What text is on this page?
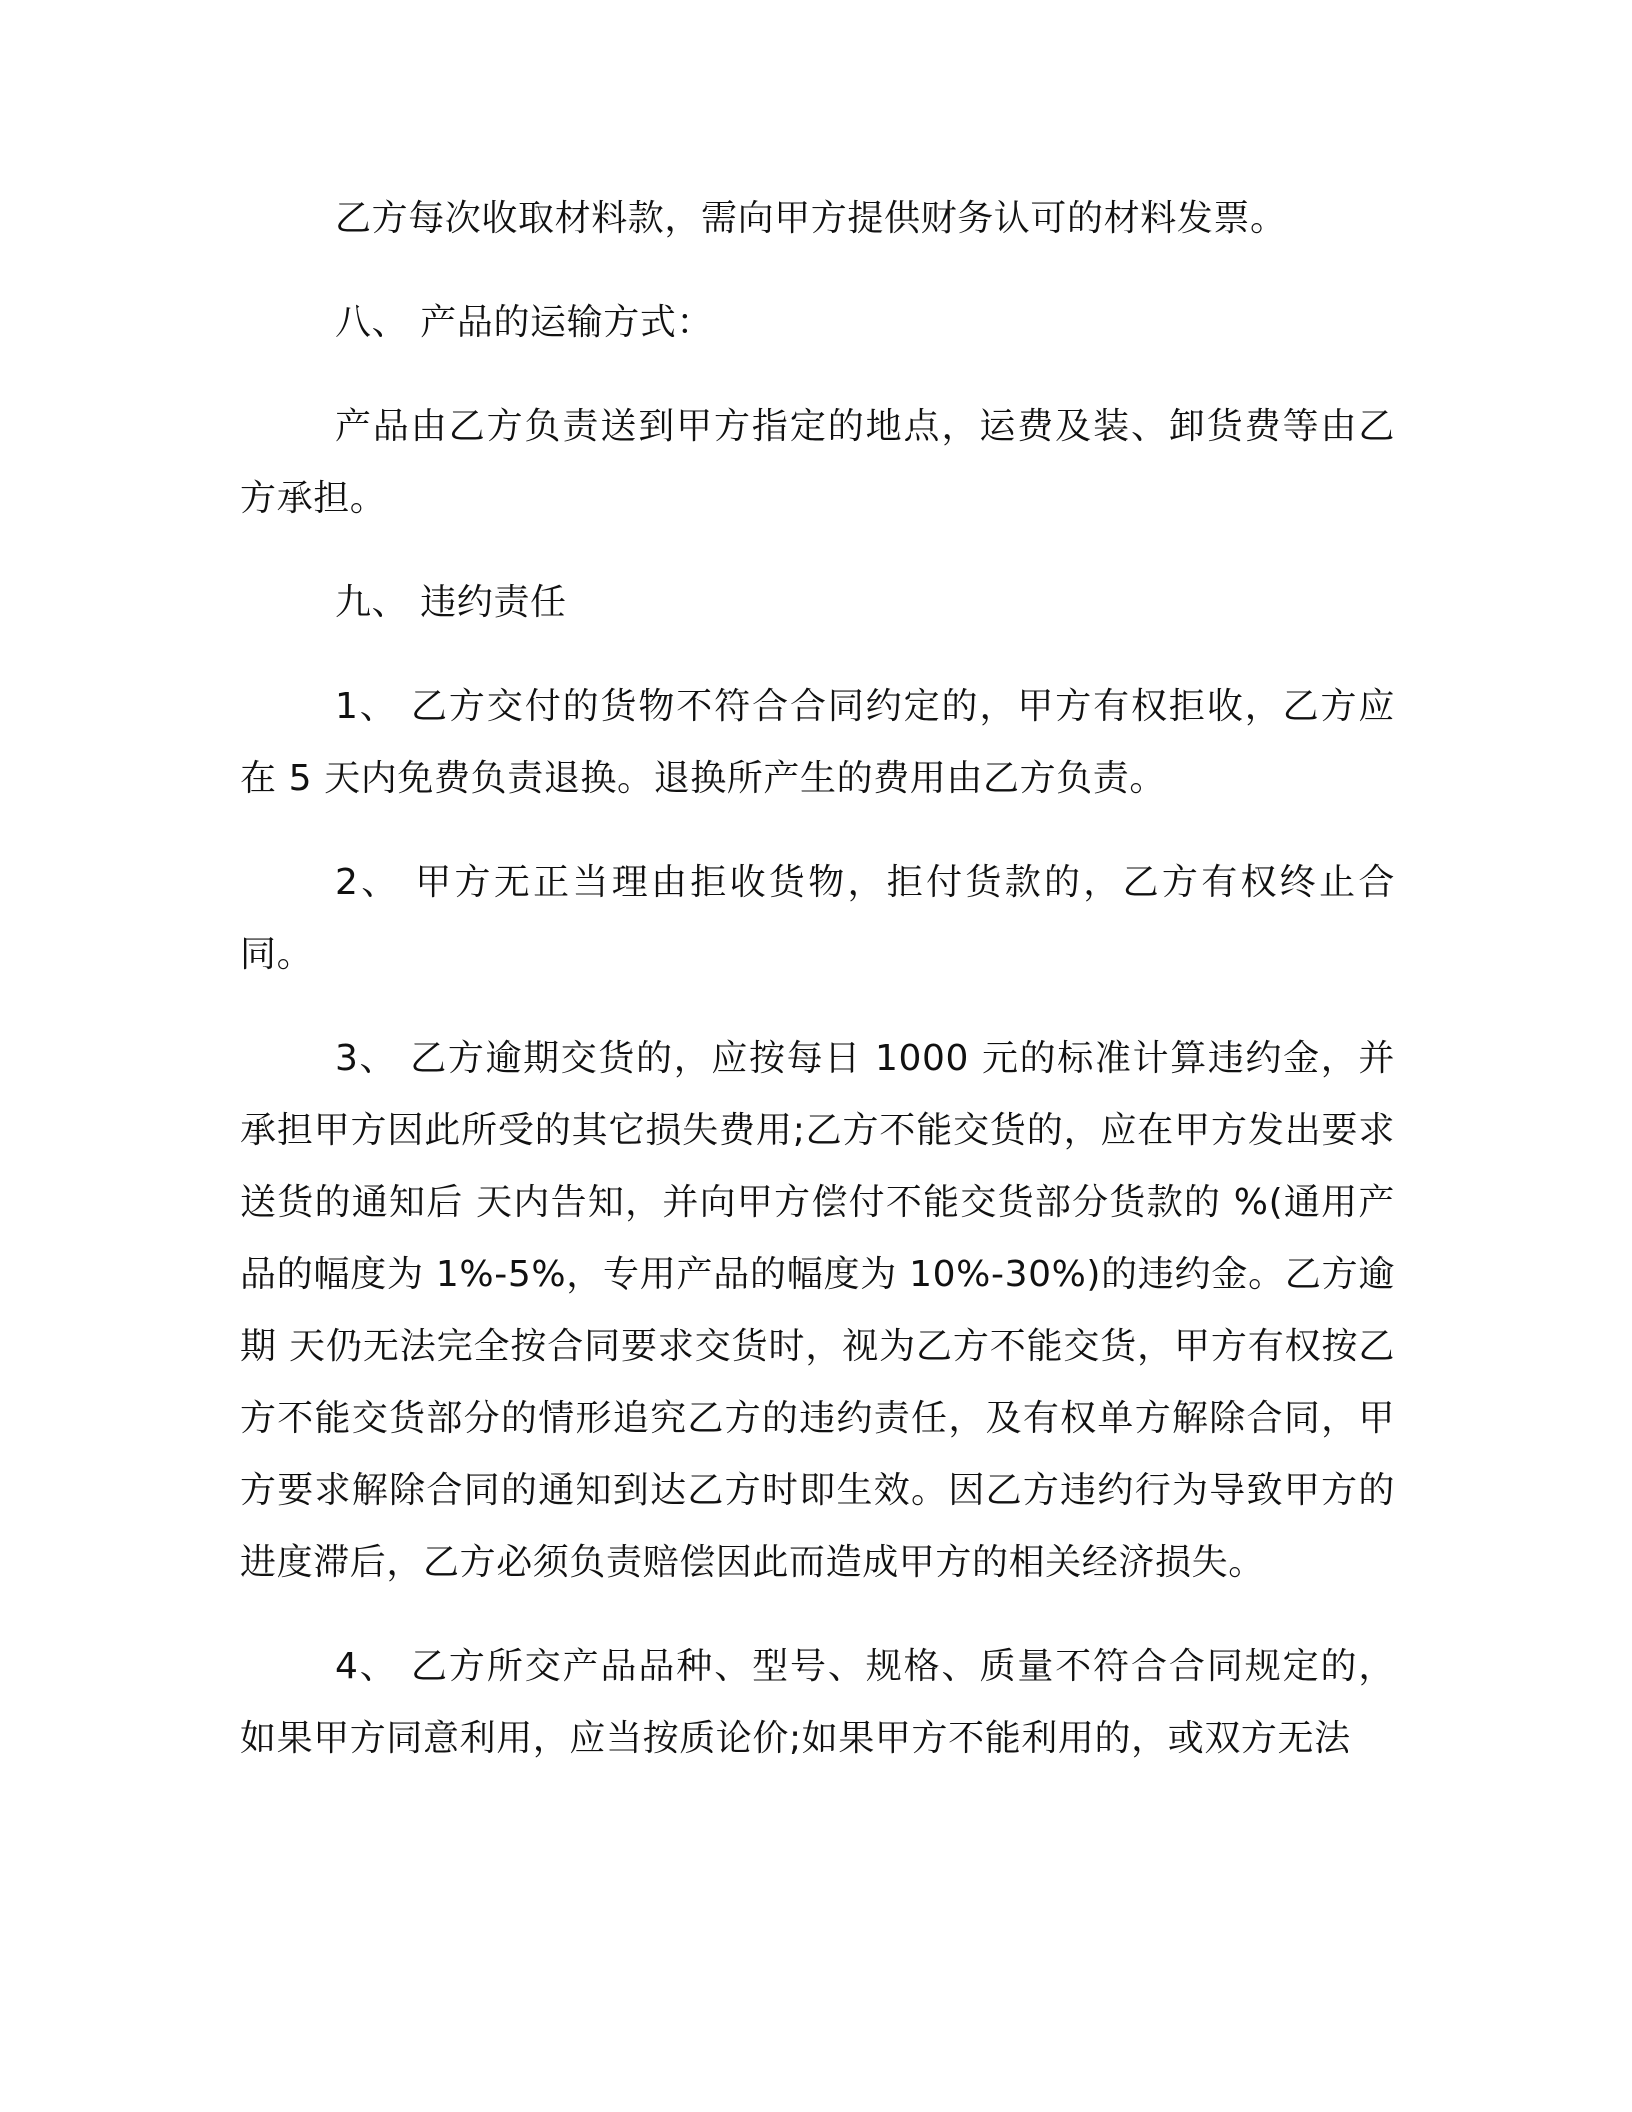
乙方每次收取材料款，需向甲方提供财务认可的材料发票。

八、 产品的运输方式：

产品由乙方负责送到甲方指定的地点，运费及装、卸货费等由乙方承担。

九、 违约责任

1、 乙方交付的货物不符合合同约定的，甲方有权拒收，乙方应在 5 天内免费负责退换。退换所产生的费用由乙方负责。

2、 甲方无正当理由拒收货物，拒付货款的，乙方有权终止合同。

3、 乙方逾期交货的，应按每日 1000 元的标准计算违约金，并承担甲方因此所受的其它损失费用;乙方不能交货的，应在甲方发出要求送货的通知后 天内告知，并向甲方偿付不能交货部分货款的 %(通用产品的幅度为 1%-5%，专用产品的幅度为 10%-30%)的违约金。乙方逾期 天仍无法完全按合同要求交货时，视为乙方不能交货，甲方有权按乙方不能交货部分的情形追究乙方的违约责任，及有权单方解除合同，甲方要求解除合同的通知到达乙方时即生效。因乙方违约行为导致甲方的进度滞后，乙方必须负责赔偿因此而造成甲方的相关经济损失。

4、 乙方所交产品品种、型号、规格、质量不符合合同规定的，如果甲方同意利用，应当按质论价;如果甲方不能利用的，或双方无法
